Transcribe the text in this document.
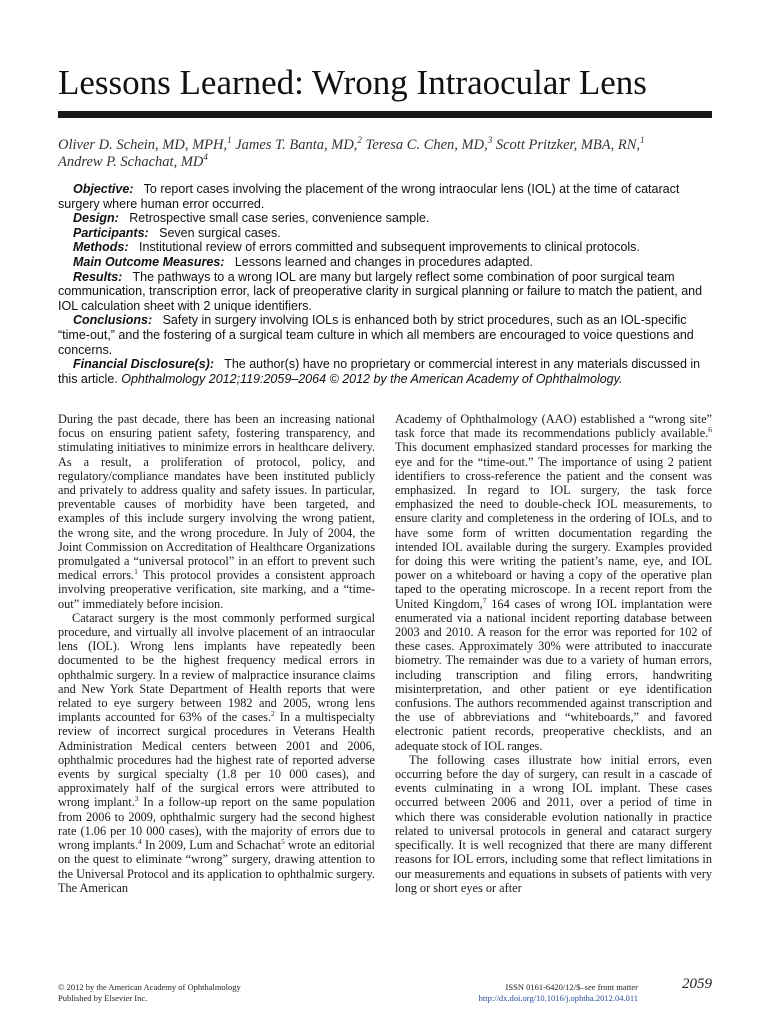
Lessons Learned: Wrong Intraocular Lens
Oliver D. Schein, MD, MPH,$^1$ James T. Banta, MD,$^2$ Teresa C. Chen, MD,$^3$ Scott Pritzker, MBA, RN,$^1$
Andrew P. Schachat, $MD^4$

Objective: To report cases involving the placement of the wrong intraocular lens (IOL) at the time of cataract surgery where human error occurred.

Design: Retrospective small case series, convenience sample.

Participants: Seven surgical cases.

Methods: Institutional review of errors committed and subsequent improvements to clinical protocols.

Main Outcome Measures: Lessons learned and changes in procedures adapted.

Results: The pathways to a wrong IOL are many but largely reflect some combination of poor surgical team communication, transcription error, lack of preoperative clarity in surgical planning or failure to match the patient, and IOL calculation sheet with 2 unique identifiers.

Conclusions: Safety in surgery involving IOLs is enhanced both by strict procedures, such as an IOL-specific “time-out,” and the fostering of a surgical team culture in which all members are encouraged to voice questions and concerns.

Financial Disclosure(s): The author(s) have no proprietary or commercial interest in any materials discussed in this article. Ophthalmology 2012;119:2059–2064 © 2012 by the American Academy of Ophthalmology.

During the past decade, there has been an increasing national focus on ensuring patient safety, fostering transparency, and stimulating initiatives to minimize errors in healthcare delivery. As a result, a proliferation of protocol, policy, and regulatory/compliance mandates have been instituted publicly and privately to address quality and safety issues. In particular, preventable causes of morbidity have been targeted, and examples of this include surgery involving the wrong patient, the wrong site, and the wrong procedure. In July of 2004, the Joint Commission on Accreditation of Healthcare Organizations promulgated a “universal protocol” in an effort to prevent such medical errors.$^1$ This protocol provides a consistent approach involving preoperative verification, site marking, and a “time-out” immediately before incision.

Cataract surgery is the most commonly performed surgical procedure, and virtually all involve placement of an intraocular lens (IOL). Wrong lens implants have repeatedly been documented to be the highest frequency medical errors in ophthalmic surgery. In a review of malpractice insurance claims and New York State Department of Health reports that were related to eye surgery between 1982 and 2005, wrong lens implants accounted for 63% of the cases.$^2$ In a multispecialty review of incorrect surgical procedures in Veterans Health Administration Medical centers between 2001 and 2006, ophthalmic procedures had the highest rate of reported adverse events by surgical specialty (1.8 per 10 000 cases), and approximately half of the surgical errors were attributed to wrong implant.$^3$ In a follow-up report on the same population from 2006 to 2009, ophthalmic surgery had the second highest rate (1.06 per 10 000 cases), with the majority of errors due to wrong implants.$^4$ In 2009, Lum and Schachat$^5$ wrote an editorial on the quest to eliminate “wrong” surgery, drawing attention to the Universal Protocol and its application to ophthalmic surgery. The American

Academy of Ophthalmology (AAO) established a “wrong site” task force that made its recommendations publicly available.$^6$ This document emphasized standard processes for marking the eye and for the “time-out.” The importance of using 2 patient identifiers to cross-reference the patient and the consent was emphasized. In regard to IOL surgery, the task force emphasized the need to double-check IOL measurements, to ensure clarity and completeness in the ordering of IOLs, and to have some form of written documentation regarding the intended IOL available during the surgery. Examples provided for doing this were writing the patient’s name, eye, and IOL power on a whiteboard or having a copy of the operative plan taped to the operating microscope. In a recent report from the United Kingdom,$^7$ 164 cases of wrong IOL implantation were enumerated via a national incident reporting database between 2003 and 2010. A reason for the error was reported for 102 of these cases. Approximately 30% were attributed to inaccurate biometry. The remainder was due to a variety of human errors, including transcription and filing errors, handwriting misinterpretation, and other patient or eye identification confusions. The authors recommended against transcription and the use of abbreviations and “whiteboards,” and favored electronic patient records, preoperative checklists, and an adequate stock of IOL ranges.

The following cases illustrate how initial errors, even occurring before the day of surgery, can result in a cascade of events culminating in a wrong IOL implant. These cases occurred between 2006 and 2011, over a period of time in which there was considerable evolution nationally in practice related to universal protocols in general and cataract surgery specifically. It is well recognized that there are many different reasons for IOL errors, including some that reflect limitations in our measurements and equations in subsets of patients with very long or short eyes or after

© 2012 by the American Academy of Ophthalmology
Published by Elsevier Inc.
ISSN 0161-6420/12/$–see front matter
http://dx.doi.org/10.1016/j.ophtha.2012.04.011
2059
